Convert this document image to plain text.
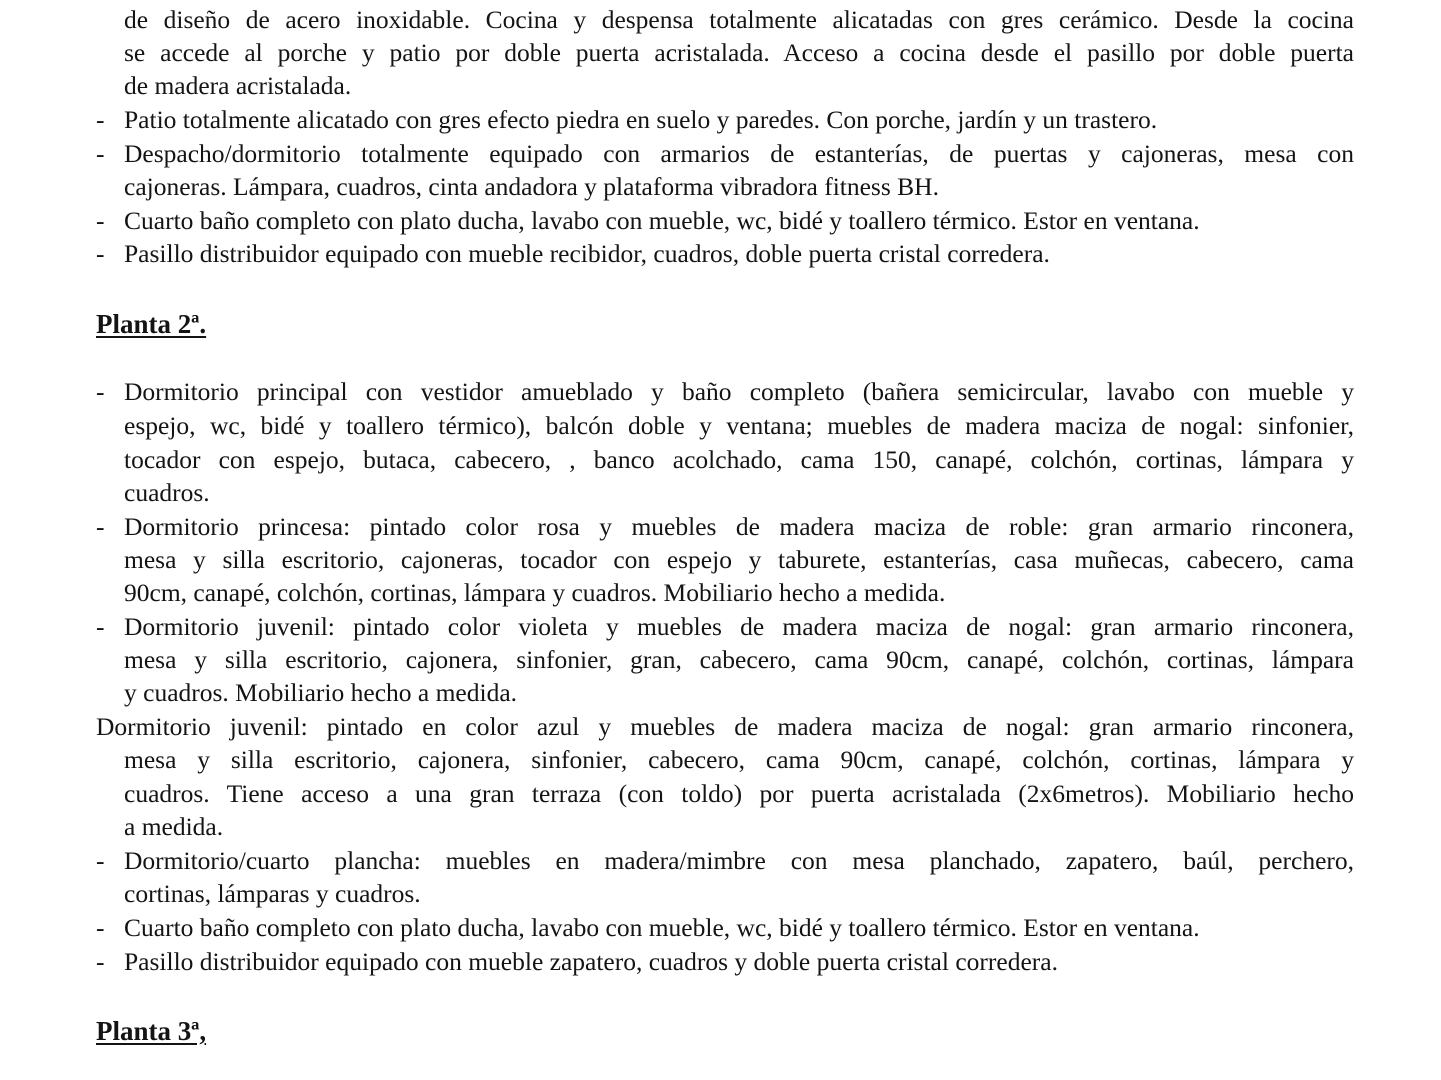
de diseño de acero inoxidable. Cocina y despensa totalmente alicatadas con gres cerámico. Desde la cocina
se accede al porche y patio por doble puerta acristalada. Acceso a cocina desde el pasillo por doble puerta
de madera acristalada.
- Patio totalmente alicatado con gres efecto piedra en suelo y paredes. Con porche, jardín y un trastero.
- Despacho/dormitorio totalmente equipado con armarios de estanterías, de puertas y cajoneras, mesa con
cajoneras. Lámpara, cuadros, cinta andadora y plataforma vibradora fitness BH.
- Cuarto baño completo con plato ducha, lavabo con mueble, wc, bidé y toallero térmico. Estor en ventana.
- Pasillo distribuidor equipado con mueble recibidor, cuadros, doble puerta cristal corredera.
Planta 2ª.
- Dormitorio principal con vestidor amueblado y baño completo (bañera semicircular, lavabo con mueble y
espejo, wc, bidé y toallero térmico), balcón doble y ventana; muebles de madera maciza de nogal: sinfonier,
tocador con espejo, butaca, cabecero, , banco acolchado, cama 150, canapé, colchón, cortinas, lámpara y
cuadros.
- Dormitorio princesa: pintado color rosa y muebles de madera maciza de roble: gran armario rinconera,
mesa y silla escritorio, cajoneras, tocador con espejo y taburete, estanterías, casa muñecas, cabecero, cama
90cm, canapé, colchón, cortinas, lámpara y cuadros. Mobiliario hecho a medida.
- Dormitorio juvenil: pintado color violeta y muebles de madera maciza de nogal: gran armario rinconera,
mesa y silla escritorio, cajonera, sinfonier, gran, cabecero, cama 90cm, canapé, colchón, cortinas, lámpara
y cuadros. Mobiliario hecho a medida.
Dormitorio juvenil: pintado en color azul y muebles de madera maciza de nogal: gran armario rinconera,
mesa y silla escritorio, cajonera, sinfonier, cabecero, cama 90cm, canapé, colchón, cortinas, lámpara y
cuadros. Tiene acceso a una gran terraza (con toldo) por puerta acristalada (2x6metros). Mobiliario hecho
a medida.
- Dormitorio/cuarto plancha: muebles en madera/mimbre con mesa planchado, zapatero, baúl, perchero,
cortinas, lámparas y cuadros.
- Cuarto baño completo con plato ducha, lavabo con mueble, wc, bidé y toallero térmico. Estor en ventana.
- Pasillo distribuidor equipado con mueble zapatero, cuadros y doble puerta cristal corredera.
Planta 3ª,
